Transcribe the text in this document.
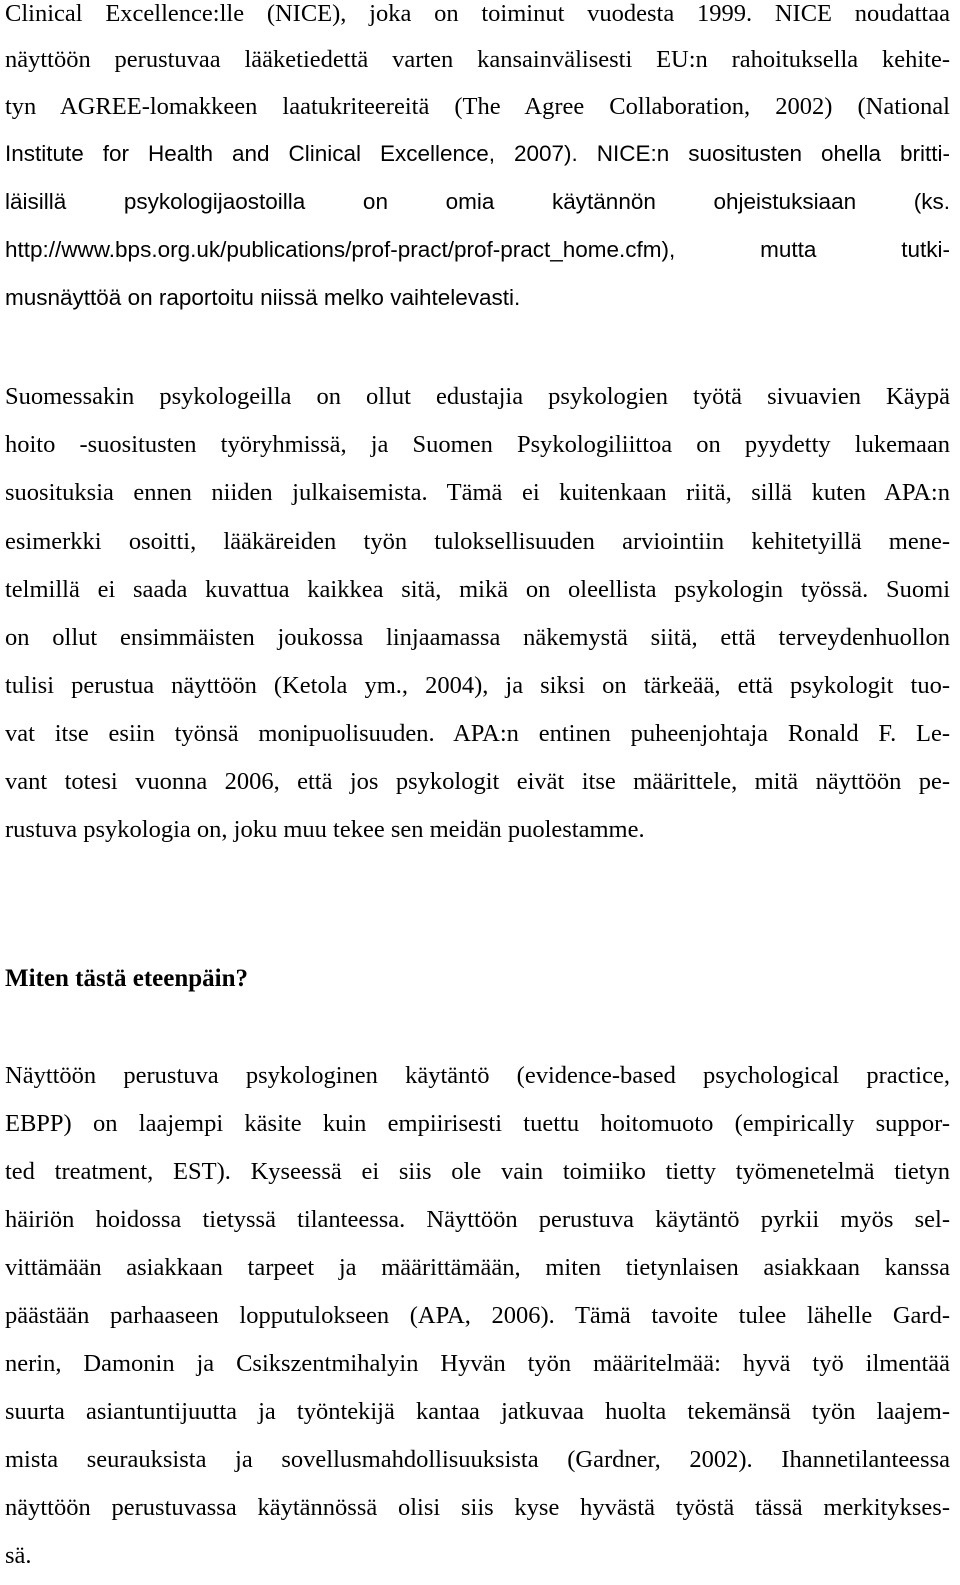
Clinical Excellence:lle (NICE), joka on toiminut vuodesta 1999. NICE noudattaa

näyttöön perustuvaa lääketiedettä varten kansainvälisesti EU:n rahoituksella kehite-

tyn AGREE-lomakkeen laatukriteereitä (The Agree Collaboration, 2002) (National

Institute for Health and Clinical Excellence, 2007). NICE:n suositusten ohella britti-

läisillä psykologijaostoilla on omia käytännön ohjeistuksiaan (ks.

http://www.bps.org.uk/publications/prof-pract/prof-pract_home.cfm), mutta tutki-

musnäyttöä on raportoitu niissä melko vaihtelevasti.

Suomessakin psykologeilla on ollut edustajia psykologien työtä sivuavien Käypä

hoito -suositusten työryhmissä, ja Suomen Psykologiliittoa on pyydetty lukemaan

suosituksia ennen niiden julkaisemista. Tämä ei kuitenkaan riitä, sillä kuten APA:n

esimerkki osoitti, lääkäreiden työn tuloksellisuuden arviointiin kehitetyillä mene-

telmillä ei saada kuvattua kaikkea sitä, mikä on oleellista psykologin työssä. Suomi

on ollut ensimmäisten joukossa linjaamassa näkemystä siitä, että terveydenhuollon

tulisi perustua näyttöön (Ketola ym., 2004), ja siksi on tärkeää, että psykologit tuo-

vat itse esiin työnsä monipuolisuuden. APA:n entinen puheenjohtaja Ronald F. Le-

vant totesi vuonna 2006, että jos psykologit eivät itse määrittele, mitä näyttöön pe-

rustuva psykologia on, joku muu tekee sen meidän puolestamme.

Miten tästä eteenpäin?

Näyttöön perustuva psykologinen käytäntö (evidence-based psychological practice,

EBPP) on laajempi käsite kuin empiirisesti tuettu hoitomuoto (empirically suppor-

ted treatment, EST). Kyseessä ei siis ole vain toimiiko tietty työmenetelmä tietyn

häiriön hoidossa tietyssä tilanteessa. Näyttöön perustuva käytäntö pyrkii myös sel-

vittämään asiakkaan tarpeet ja määrittämään, miten tietynlaisen asiakkaan kanssa

päästään parhaaseen lopputulokseen (APA, 2006). Tämä tavoite tulee lähelle Gard-

nerin, Damonin ja Csikszentmihalyin Hyvän työn määritelmää: hyvä työ ilmentää

suurta asiantuntijuutta ja työntekijä kantaa jatkuvaa huolta tekemänsä työn laajem-

mista seurauksista ja sovellusmahdollisuuksista (Gardner, 2002). Ihannetilanteessa

näyttöön perustuvassa käytännössä olisi siis kyse hyvästä työstä tässä merkitykses-

sä.
